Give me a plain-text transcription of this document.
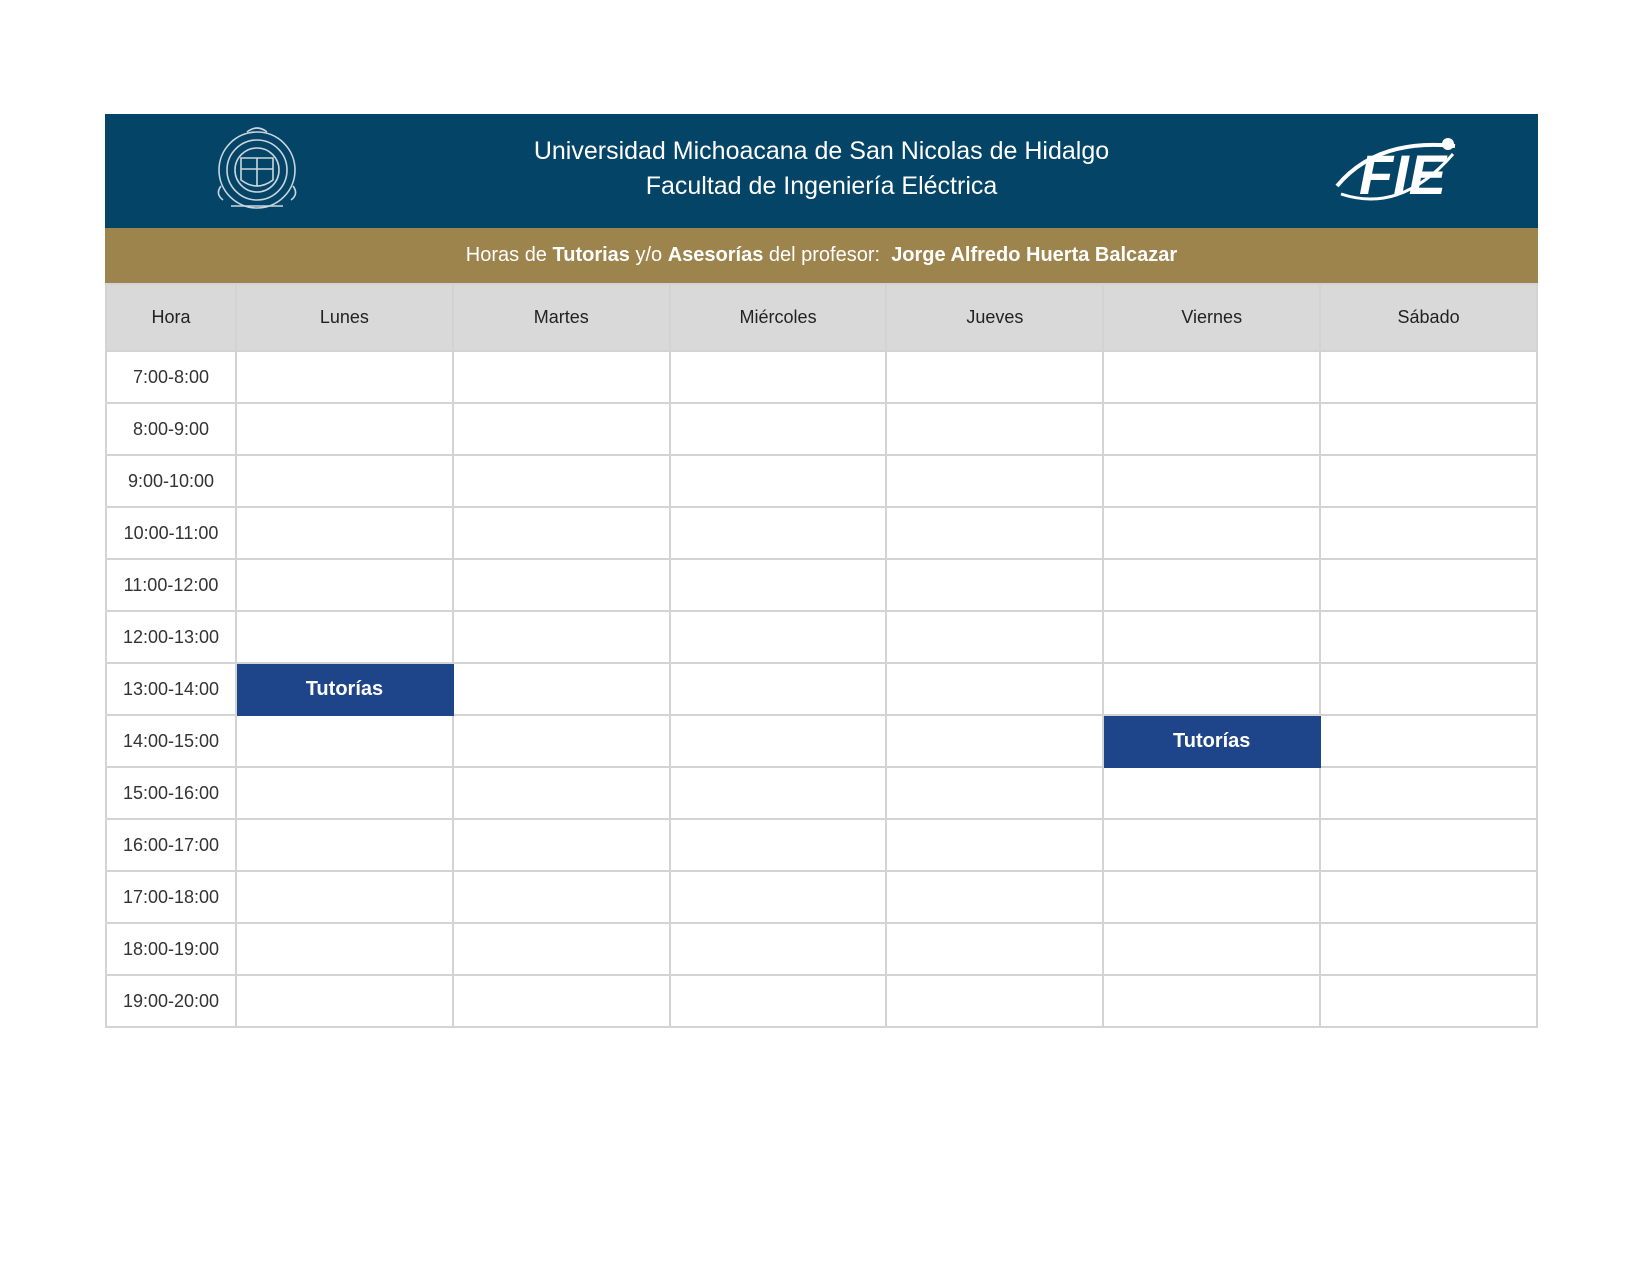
Universidad Michoacana de San Nicolas de Hidalgo
Facultad de Ingeniería Eléctrica	FIE
Horas de Tutorias y/o Asesorías del profesor: Jorge Alfredo Huerta Balcazar
Hora	Lunes	Martes	Miércoles	Jueves	Viernes	Sábado
7:00-8:00						
8:00-9:00						
9:00-10:00						
10:00-11:00						
11:00-12:00						
12:00-13:00						
13:00-14:00	Tutorías					
14:00-15:00					Tutorías	
15:00-16:00						
16:00-17:00						
17:00-18:00						
18:00-19:00						
19:00-20:00						
